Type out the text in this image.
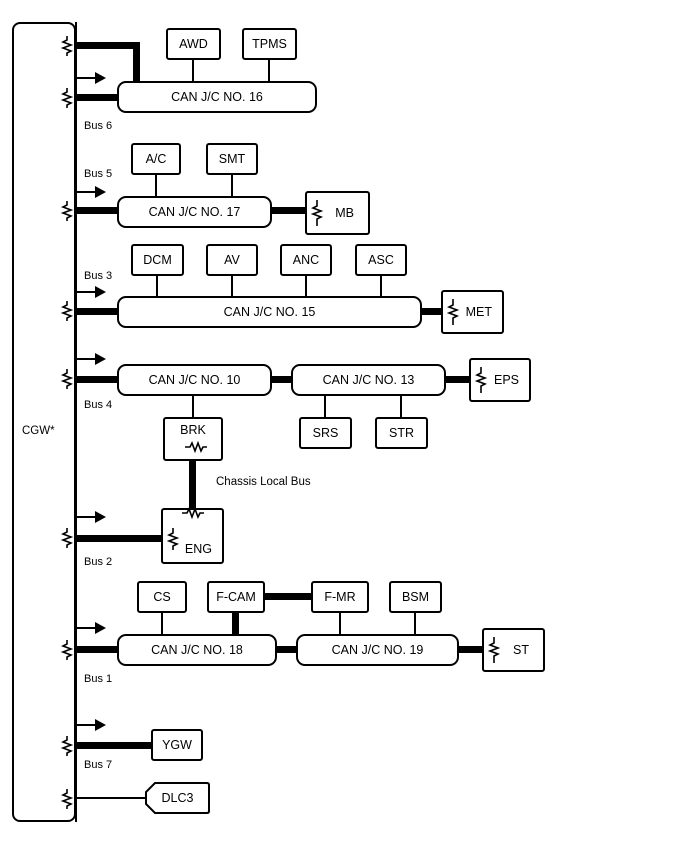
CGW*
CAN J/C NO. 16
AWD	TPMS
Bus 6
Bus 5
CAN J/C NO. 17
A/C	SMT
MB
Bus 3
CAN J/C NO. 15
DCM	AV	ANC	ASC
MET
CAN J/C NO. 10	CAN J/C NO. 13
Bus 4
EPS
SRS	STR
BRK
Chassis Local Bus
ENG
Bus 2
CAN J/C NO. 18	CAN J/C NO. 19	ST
CS	F-CAM	F-MR	BSM
Bus 1
YGW
Bus 7
DLC3
